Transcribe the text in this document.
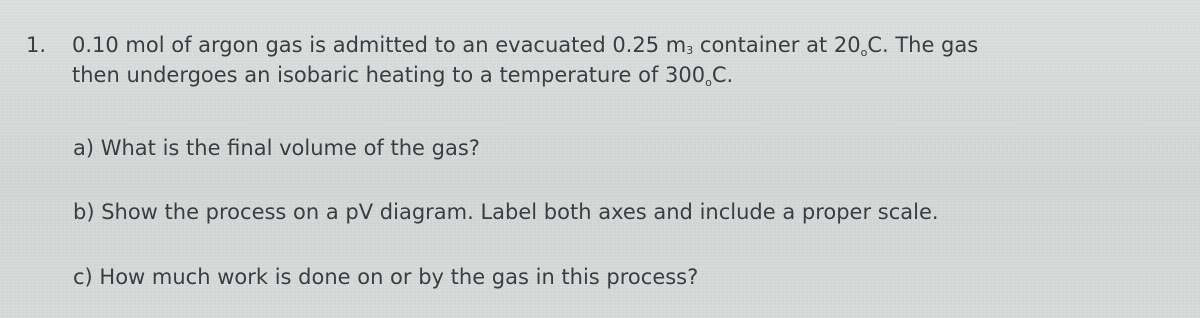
1. 0.10 mol of argon gas is admitted to an evacuated 0.25 m3 container at 20oC. The gas
then undergoes an isobaric heating to a temperature of 300oC.
a) What is the final volume of the gas?
b) Show the process on a pV diagram. Label both axes and include a proper scale.
c) How much work is done on or by the gas in this process?
